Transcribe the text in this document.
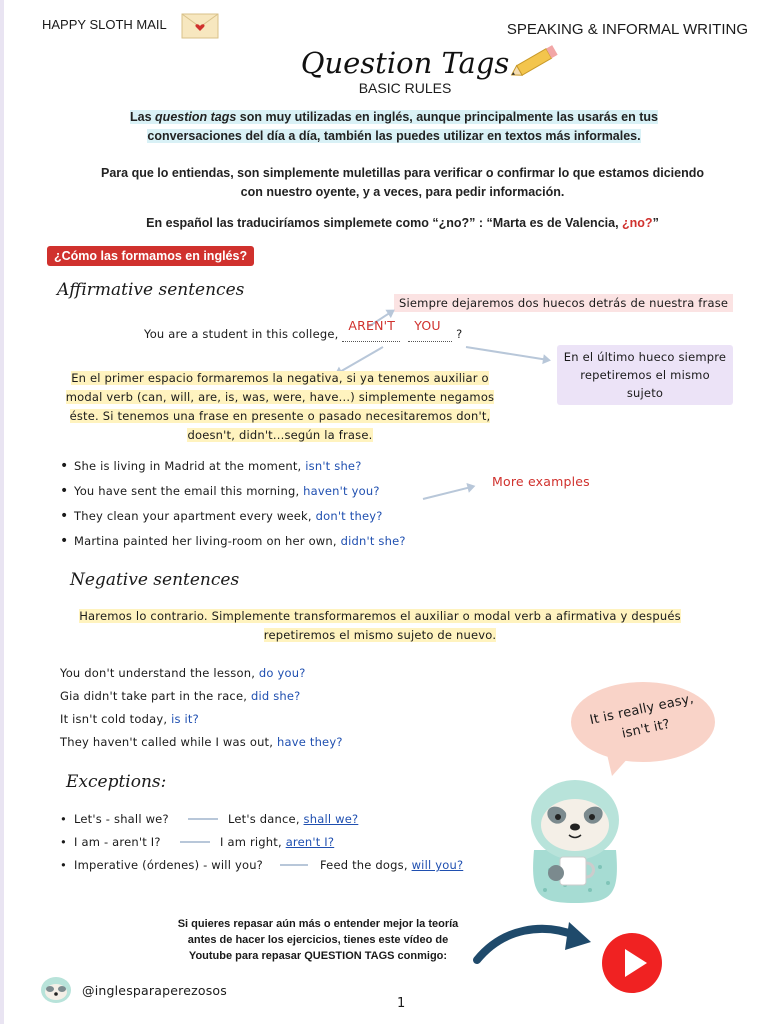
HAPPY SLOTH MAIL	SPEAKING & INFORMAL WRITING
Question Tags
BASIC RULES
Las question tags son muy utilizadas en inglés, aunque principalmente las usarás en tus conversaciones del día a día, también las puedes utilizar en textos más informales.
Para que lo entiendas, son simplemente muletillas para verificar o confirmar lo que estamos diciendo con nuestro oyente, y a veces, para pedir información.
En español las traduciríamos simplemete como “¿no?” : “Marta es de Valencia, ¿no?”
¿Cómo las formamos en inglés?
Affirmative sentences
Siempre dejaremos dos huecos detrás de nuestra frase
You are a student in this college,
AREN'T
YOU
?
En el último hueco siempre repetiremos el mismo sujeto
En el primer espacio formaremos la negativa, si ya tenemos auxiliar o modal verb (can, will, are, is, was, were, have...) simplemente negamos éste. Si tenemos una frase en presente o pasado necesitaremos don't, doesn't, didn't...según la frase.
• She is living in Madrid at the moment, isn't she?
• You have sent the email this morning, haven't you?
• They clean your apartment every week, don't they?
• Martina painted her living-room on her own, didn't she?
More examples
Negative sentences
Haremos lo contrario. Simplemente transformaremos el auxiliar o modal verb a afirmativa y después repetiremos el mismo sujeto de nuevo.
You don't understand the lesson, do you?
Gia didn't take part in the race, did she?
It isn't cold today, is it?
They haven't called while I was out, have they?
It is really easy, isn't it?
Exceptions:
• Let's - shall we?	Let's dance, shall we?
• I am - aren't I?	I am right, aren't I?
• Imperative (órdenes) - will you?	Feed the dogs, will you?
Si quieres repasar aún más o entender mejor la teoría antes de hacer los ejercicios, tienes este vídeo de Youtube para repasar QUESTION TAGS conmigo:
@inglesparaperezosos
1
